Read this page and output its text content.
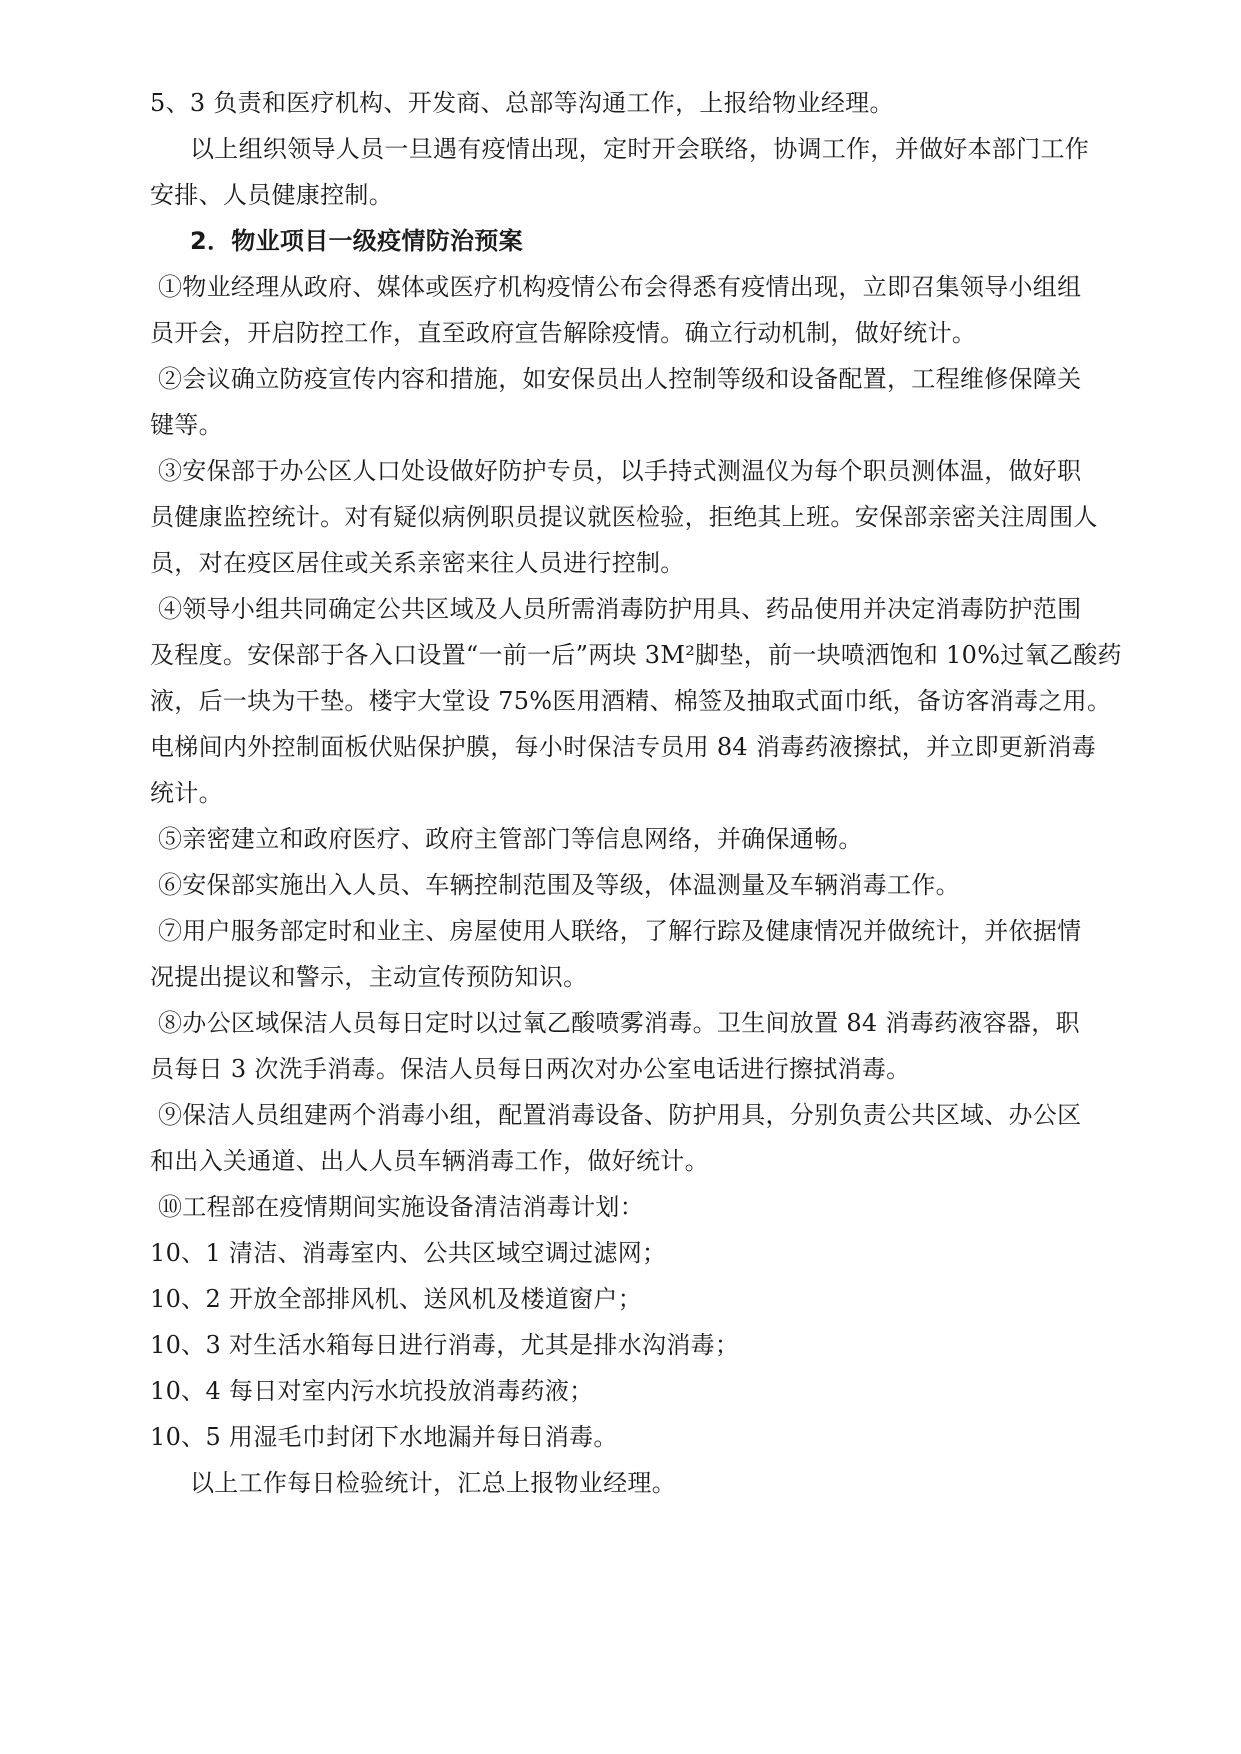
5、3 负责和医疗机构、开发商、总部等沟通工作，上报给物业经理。
以上组织领导人员一旦遇有疫情出现，定时开会联络，协调工作，并做好本部门工作
安排、人员健康控制。
2．物业项目一级疫情防治预案
①物业经理从政府、媒体或医疗机构疫情公布会得悉有疫情出现，立即召集领导小组组
员开会，开启防控工作，直至政府宣告解除疫情。确立行动机制，做好统计。
②会议确立防疫宣传内容和措施，如安保员出人控制等级和设备配置，工程维修保障关
键等。
③安保部于办公区人口处设做好防护专员，以手持式测温仪为每个职员测体温，做好职
员健康监控统计。对有疑似病例职员提议就医检验，拒绝其上班。安保部亲密关注周围人
员，对在疫区居住或关系亲密来往人员进行控制。
④领导小组共同确定公共区域及人员所需消毒防护用具、药品使用并决定消毒防护范围
及程度。安保部于各入口设置“一前一后”两块 3M²脚垫，前一块喷洒饱和 10%过氧乙酸药
液，后一块为干垫。楼宇大堂设 75%医用酒精、棉签及抽取式面巾纸，备访客消毒之用。
电梯间内外控制面板伏贴保护膜，每小时保洁专员用 84 消毒药液擦拭，并立即更新消毒
统计。
⑤亲密建立和政府医疗、政府主管部门等信息网络，并确保通畅。
⑥安保部实施出入人员、车辆控制范围及等级，体温测量及车辆消毒工作。
⑦用户服务部定时和业主、房屋使用人联络，了解行踪及健康情况并做统计，并依据情
况提出提议和警示，主动宣传预防知识。
⑧办公区域保洁人员每日定时以过氧乙酸喷雾消毒。卫生间放置 84 消毒药液容器，职
员每日 3 次洗手消毒。保洁人员每日两次对办公室电话进行擦拭消毒。
⑨保洁人员组建两个消毒小组，配置消毒设备、防护用具，分别负责公共区域、办公区
和出入关通道、出人人员车辆消毒工作，做好统计。
⑩工程部在疫情期间实施设备清洁消毒计划：
10、1 清洁、消毒室内、公共区域空调过滤网；
10、2 开放全部排风机、送风机及楼道窗户；
10、3 对生活水箱每日进行消毒，尤其是排水沟消毒；
10、4 每日对室内污水坑投放消毒药液；
10、5 用湿毛巾封闭下水地漏并每日消毒。
以上工作每日检验统计，汇总上报物业经理。
